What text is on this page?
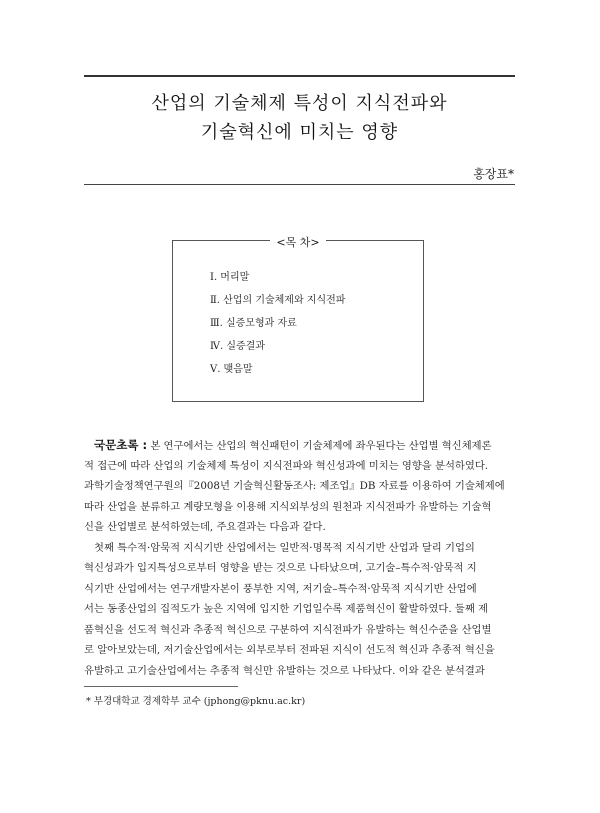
산업의 기술체제 특성이 지식전파와
기술혁신에 미치는 영향
홍장표*
<목 차>
Ⅰ. 머리말
Ⅱ. 산업의 기술체제와 지식전파
Ⅲ. 실증모형과 자료
Ⅳ. 실증결과
Ⅴ. 맺음말
국문초록 : 본 연구에서는 산업의 혁신패턴이 기술체제에 좌우된다는 산업별 혁신체제론
적 접근에 따라 산업의 기술체제 특성이 지식전파와 혁신성과에 미치는 영향을 분석하였다.
과학기술정책연구원의『2008년 기술혁신활동조사: 제조업』DB 자료를 이용하여 기술체제에
따라 산업을 분류하고 계량모형을 이용해 지식외부성의 원천과 지식전파가 유발하는 기술혁
신을 산업별로 분석하였는데, 주요결과는 다음과 같다.
첫째 특수적·암묵적 지식기반 산업에서는 일반적·명목적 지식기반 산업과 달리 기업의
혁신성과가 입지특성으로부터 영향을 받는 것으로 나타났으며, 고기술–특수적·암묵적 지
식기반 산업에서는 연구개발자본이 풍부한 지역, 저기술–특수적·암묵적 지식기반 산업에
서는 동종산업의 집적도가 높은 지역에 입지한 기업일수록 제품혁신이 활발하였다. 둘째 제
품혁신을 선도적 혁신과 추종적 혁신으로 구분하여 지식전파가 유발하는 혁신수준을 산업별
로 알아보았는데, 저기술산업에서는 외부로부터 전파된 지식이 선도적 혁신과 추종적 혁신을
유발하고 고기술산업에서는 추종적 혁신만 유발하는 것으로 나타났다. 이와 같은 분석결과
* 부경대학교 경제학부 교수 (jphong@pknu.ac.kr)
